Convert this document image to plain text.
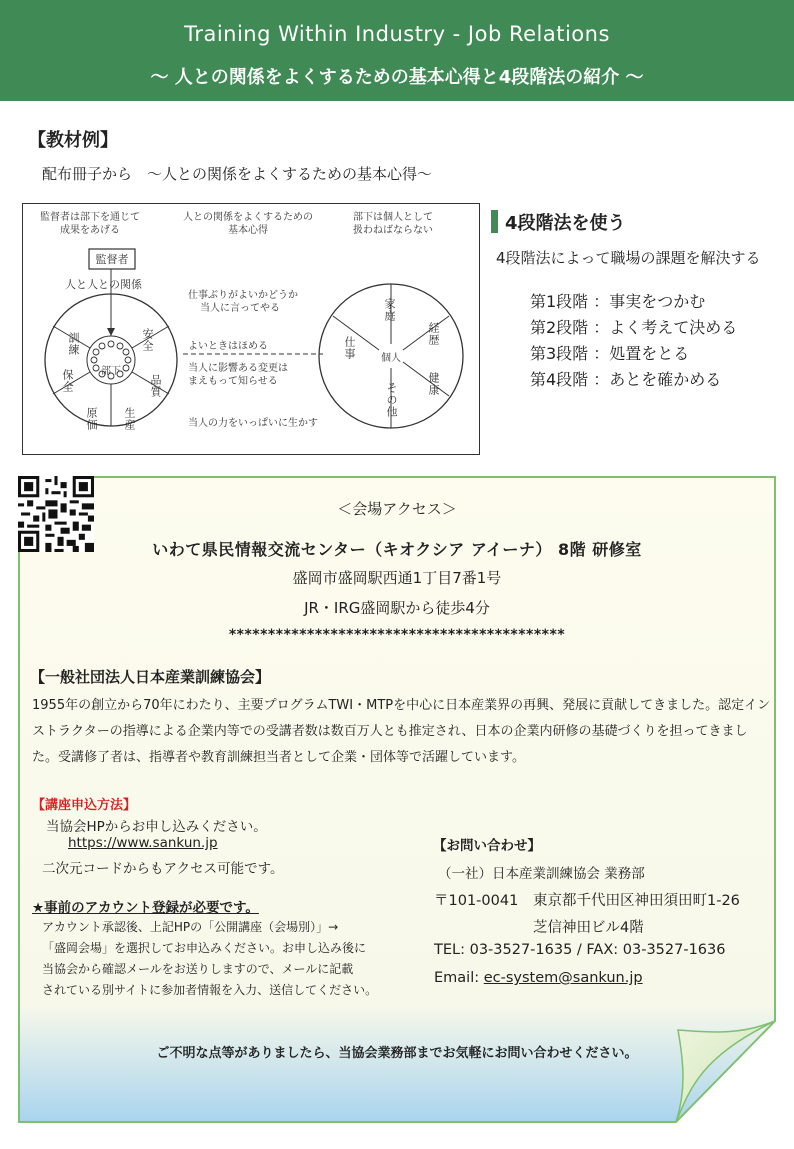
Training Within Industry - Job Relations
～ 人との関係をよくするための基本心得と4段階法の紹介 ～
【教材例】
配布冊子から　～人との関係をよくするための基本心得～
監督者は部下を通じて
成果をあげる
人との関係をよくするための
基本心得
部下は個人として
扱わねばならない
監督者
人と人との関係
訓練	安全
保全	品質
原価 生産
部下
仕事ぶりがよいかどうか
当人に言ってやる
よいときはほめる
当人に影響ある変更は
まえもって知らせる
当人の力をいっぱいに生かす
家庭
経歴
健康
その他
仕事	個人
4段階法を使う
4段階法によって職場の課題を解決する
第1段階 ：事実をつかむ
第2段階 ：よく考えて決める
第3段階 ：処置をとる
第4段階 ：あとを確かめる
＜会場アクセス＞
いわて県民情報交流センター（キオクシア アイーナ） 8階 研修室
盛岡市盛岡駅西通1丁目7番1号
JR・IRG盛岡駅から徒歩4分
*******************************************
【一般社団法人日本産業訓練協会】
1955年の創立から70年にわたり、主要プログラムTWI・MTPを中心に日本産業界の再興、発展に貢献してきました。認定インストラクターの指導による企業内等での受講者数は数百万人とも推定され、日本の企業内研修の基礎づくりを担ってきました。受講修了者は、指導者や教育訓練担当者として企業・団体等で活躍しています。
【講座申込方法】
当協会HPからお申し込みください。
https://www.sankun.jp
二次元コードからもアクセス可能です。
★事前のアカウント登録が必要です。
アカウント承認後、上記HPの「公開講座（会場別）」→
「盛岡会場」を選択してお申込みください。お申し込み後に
当協会から確認メールをお送りしますので、メールに記載
されている別サイトに参加者情報を入力、送信してください。
【お問い合わせ】
（一社）日本産業訓練協会 業務部
〒101-0041 東京都千代田区神田須田町1-26
芝信神田ビル4階
TEL: 03-3527-1635 / FAX: 03-3527-1636
Email: ec-system@sankun.jp
ご不明な点等がありましたら、当協会業務部までお気軽にお問い合わせください。
